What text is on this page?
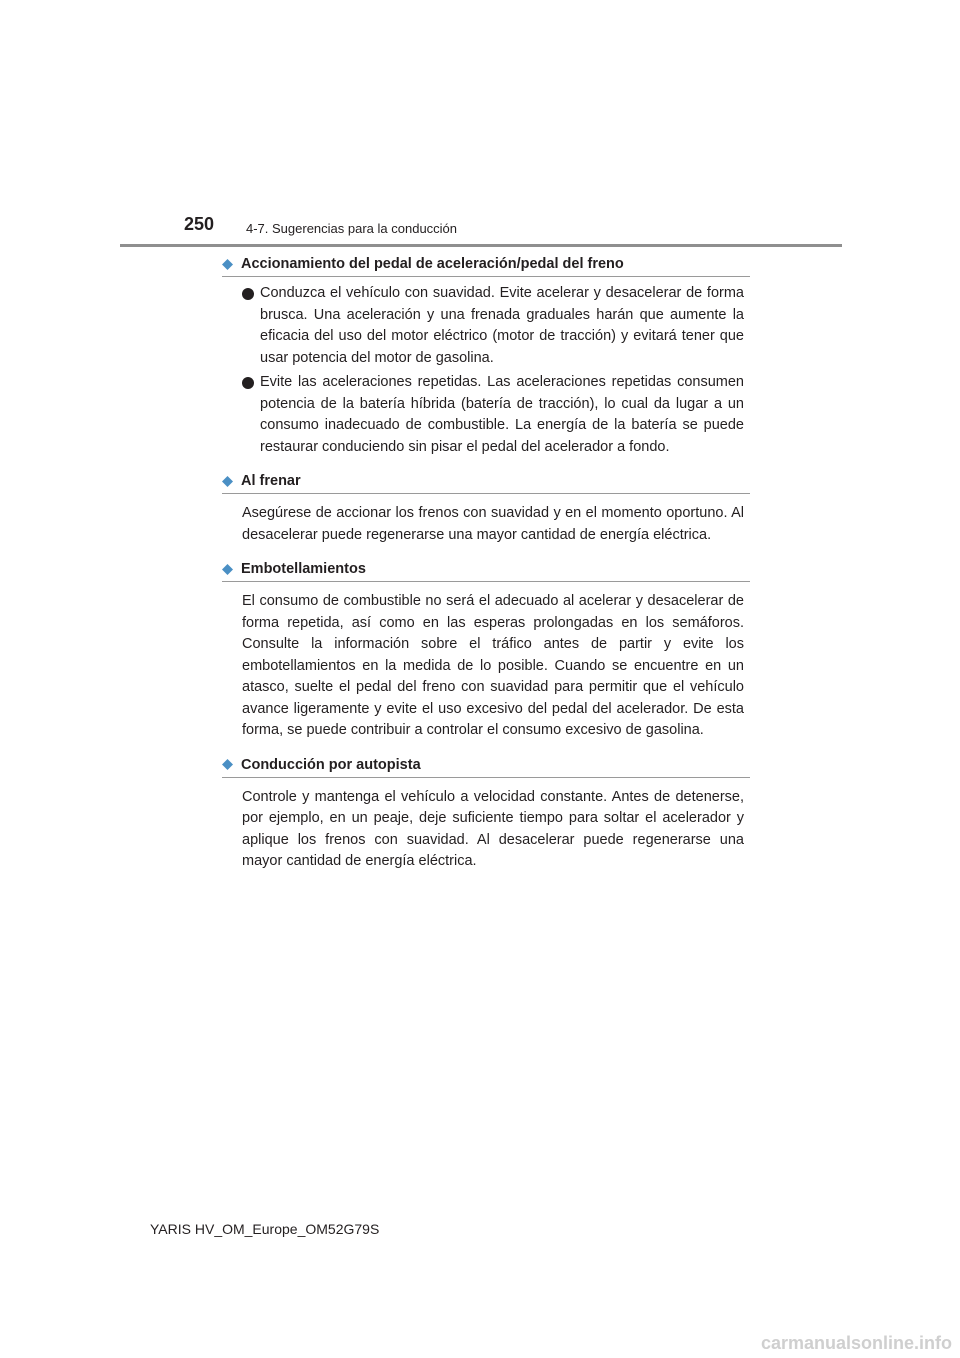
250 4-7. Sugerencias para la conducción
Accionamiento del pedal de aceleración/pedal del freno
Conduzca el vehículo con suavidad. Evite acelerar y desacelerar de forma brusca. Una aceleración y una frenada graduales harán que aumente la eficacia del uso del motor eléctrico (motor de tracción) y evitará tener que usar potencia del motor de gasolina.
Evite las aceleraciones repetidas. Las aceleraciones repetidas consumen potencia de la batería híbrida (batería de tracción), lo cual da lugar a un consumo inadecuado de combustible. La energía de la batería se puede restaurar conduciendo sin pisar el pedal del acelerador a fondo.
Al frenar

Asegúrese de accionar los frenos con suavidad y en el momento oportuno. Al desacelerar puede regenerarse una mayor cantidad de energía eléctrica.

Embotellamientos

El consumo de combustible no será el adecuado al acelerar y desacelerar de forma repetida, así como en las esperas prolongadas en los semáforos. Consulte la información sobre el tráfico antes de partir y evite los embotellamientos en la medida de lo posible. Cuando se encuentre en un atasco, suelte el pedal del freno con suavidad para permitir que el vehículo avance ligeramente y evite el uso excesivo del pedal del acelerador. De esta forma, se puede contribuir a controlar el consumo excesivo de gasolina.

Conducción por autopista

Controle y mantenga el vehículo a velocidad constante. Antes de detenerse, por ejemplo, en un peaje, deje suficiente tiempo para soltar el acelerador y aplique los frenos con suavidad. Al desacelerar puede regenerarse una mayor cantidad de energía eléctrica.

YARIS HV_OM_Europe_OM52G79S
carmanualsonline.info
